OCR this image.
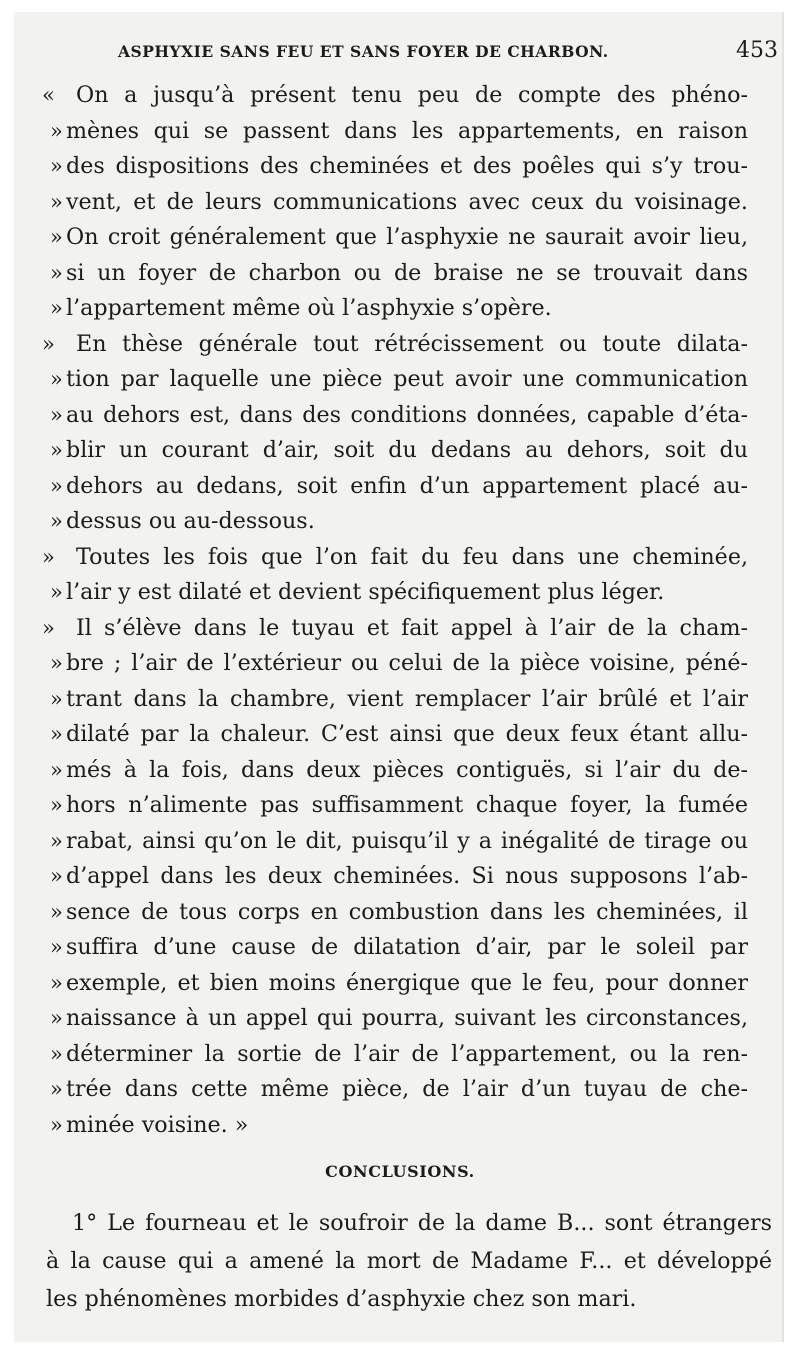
ASPHYXIE SANS FEU ET SANS FOYER DE CHARBON.	453
« On a jusqu’à présent tenu peu de compte des phéno-
» mènes qui se passent dans les appartements, en raison
» des dispositions des cheminées et des poêles qui s’y trou-
» vent, et de leurs communications avec ceux du voisinage.
» On croit généralement que l’asphyxie ne saurait avoir lieu,
» si un foyer de charbon ou de braise ne se trouvait dans
» l’appartement même où l’asphyxie s’opère.
» En thèse générale tout rétrécissement ou toute dilata-
» tion par laquelle une pièce peut avoir une communication
» au dehors est, dans des conditions données, capable d’éta-
» blir un courant d’air, soit du dedans au dehors, soit du
» dehors au dedans, soit enfin d’un appartement placé au-
» dessus ou au-dessous.
» Toutes les fois que l’on fait du feu dans une cheminée,
» l’air y est dilaté et devient spécifiquement plus léger.
» Il s’élève dans le tuyau et fait appel à l’air de la cham-
» bre ; l’air de l’extérieur ou celui de la pièce voisine, péné-
» trant dans la chambre, vient remplacer l’air brûlé et l’air
» dilaté par la chaleur. C’est ainsi que deux feux étant allu-
» més à la fois, dans deux pièces contiguës, si l’air du de-
» hors n’alimente pas suffisamment chaque foyer, la fumée
» rabat, ainsi qu’on le dit, puisqu’il y a inégalité de tirage ou
» d’appel dans les deux cheminées. Si nous supposons l’ab-
» sence de tous corps en combustion dans les cheminées, il
» suffira d’une cause de dilatation d’air, par le soleil par
» exemple, et bien moins énergique que le feu, pour donner
» naissance à un appel qui pourra, suivant les circonstances,
» déterminer la sortie de l’air de l’appartement, ou la ren-
» trée dans cette même pièce, de l’air d’un tuyau de che-
» minée voisine. »
CONCLUSIONS.
1° Le fourneau et le soufroir de la dame B... sont étrangers
à la cause qui a amené la mort de Madame F... et développé
les phénomènes morbides d’asphyxie chez son mari.
